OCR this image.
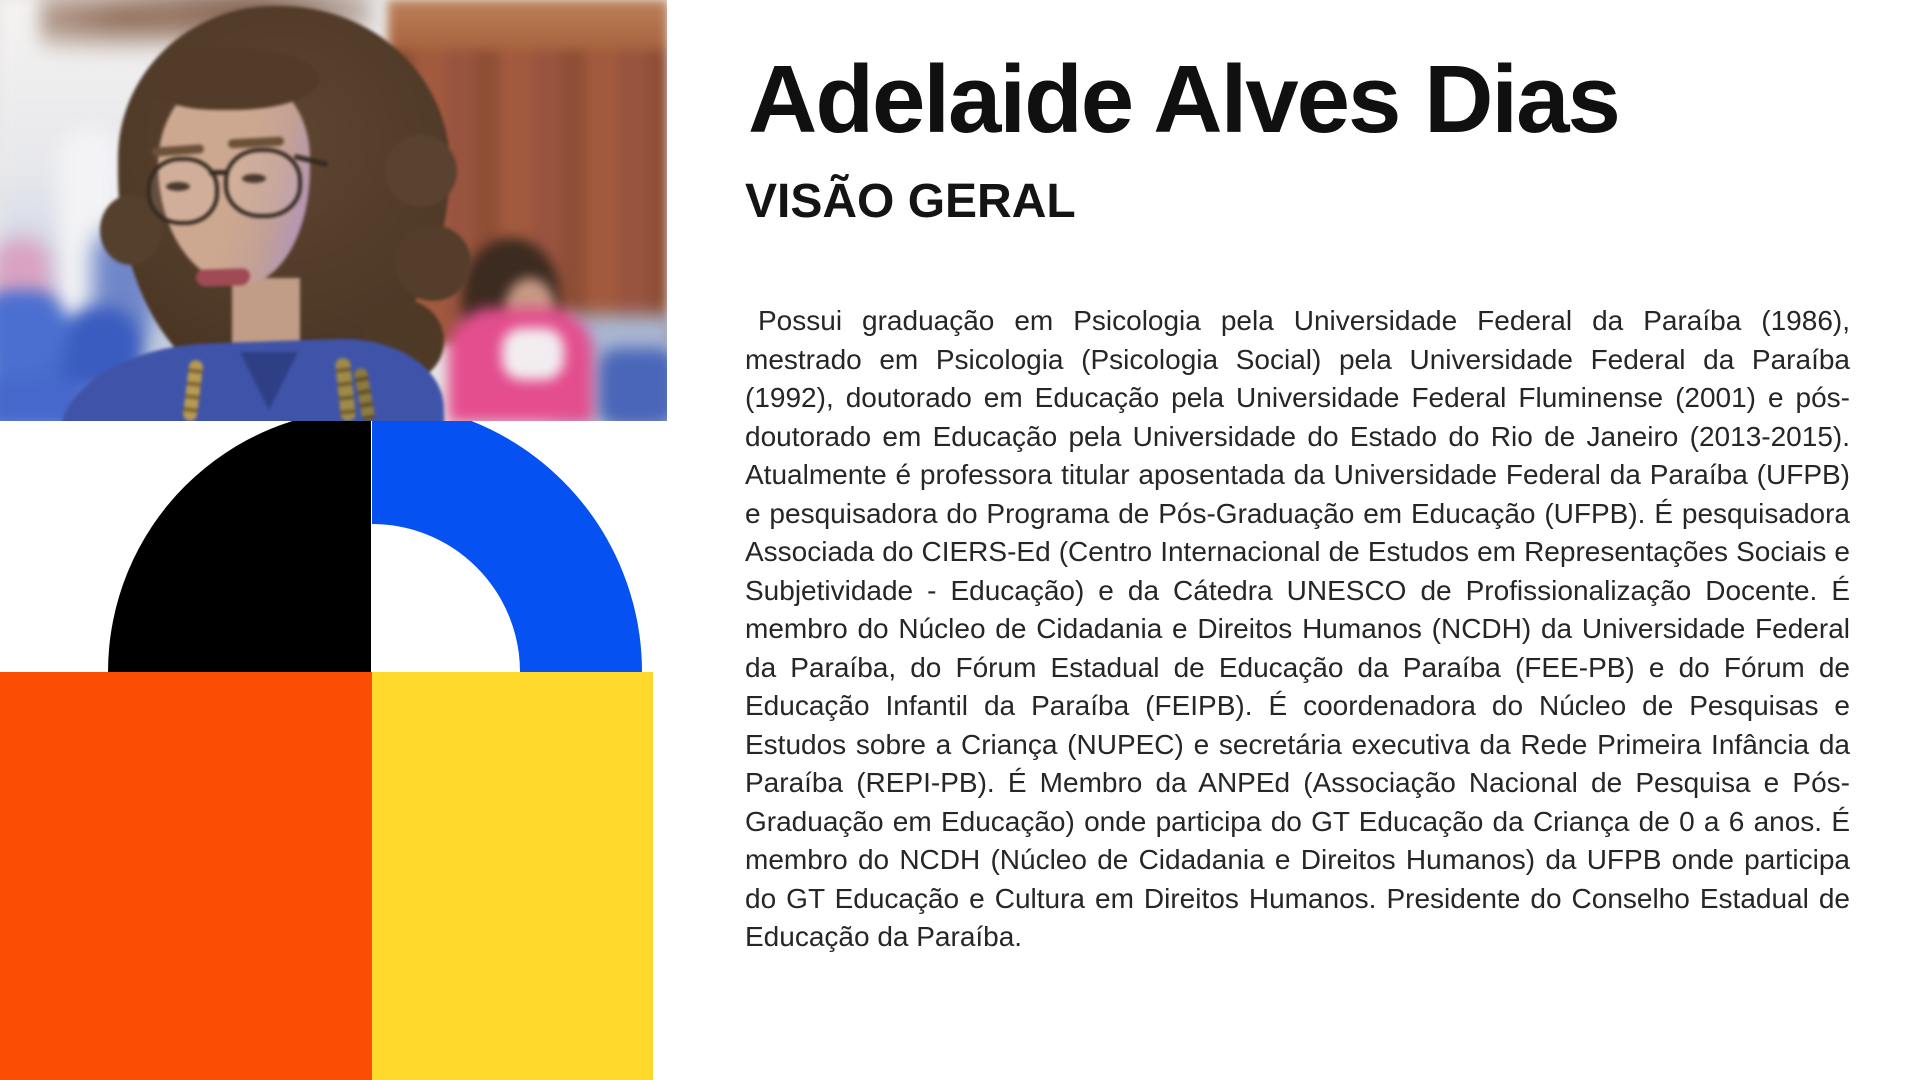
Adelaide Alves Dias
VISÃO GERAL

Possui graduação em Psicologia pela Universidade Federal da Paraíba (1986), mestrado em Psicologia (Psicologia Social) pela Universidade Federal da Paraíba (1992), doutorado em Educação pela Universidade Federal Fluminense (2001) e pós-doutorado em Educação pela Universidade do Estado do Rio de Janeiro (2013-2015). Atualmente é professora titular aposentada da Universidade Federal da Paraíba (UFPB) e pesquisadora do Programa de Pós-Graduação em Educação (UFPB). É pesquisadora Associada do CIERS-Ed (Centro Internacional de Estudos em Representações Sociais e Subjetividade - Educação) e da Cátedra UNESCO de Profissionalização Docente. É membro do Núcleo de Cidadania e Direitos Humanos (NCDH) da Universidade Federal da Paraíba, do Fórum Estadual de Educação da Paraíba (FEE-PB) e do Fórum de Educação Infantil da Paraíba (FEIPB). É coordenadora do Núcleo de Pesquisas e Estudos sobre a Criança (NUPEC) e secretária executiva da Rede Primeira Infância da Paraíba (REPI-PB). É Membro da ANPEd (Associação Nacional de Pesquisa e Pós- Graduação em Educação) onde participa do GT Educação da Criança de 0 a 6 anos. É membro do NCDH (Núcleo de Cidadania e Direitos Humanos) da UFPB onde participa do GT Educação e Cultura em Direitos Humanos. Presidente do Conselho Estadual de Educação da Paraíba.
